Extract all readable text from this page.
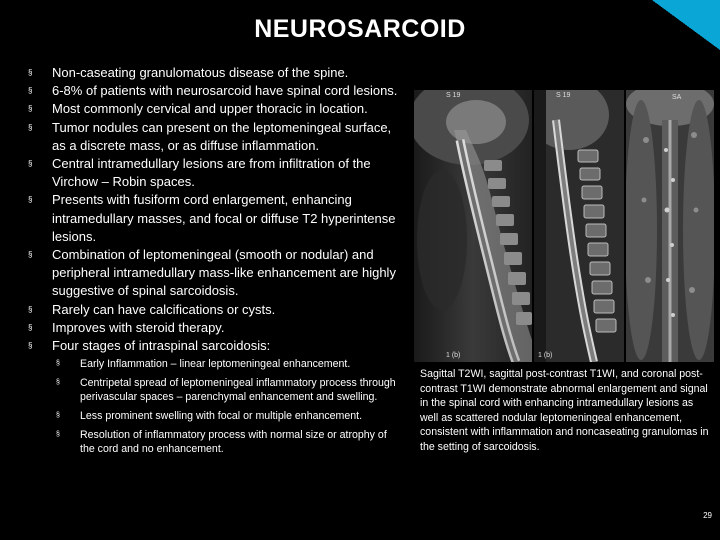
NEUROSARCOID
§	Non-caseating granulomatous disease of the spine.
§	6-8% of patients with neurosarcoid have spinal cord lesions.
§	Most commonly cervical and upper thoracic in location.
§	Tumor nodules can present on the leptomeningeal surface, as a discrete mass, or as diffuse inflammation.
§	Central intramedullary lesions are from infiltration of the Virchow – Robin spaces.
§	Presents with fusiform cord enlargement, enhancing intramedullary masses, and focal or diffuse T2 hyperintense lesions.
§	Combination of leptomeningeal (smooth or nodular) and peripheral intramedullary mass-like enhancement are highly suggestive of spinal sarcoidosis.
§	Rarely can have calcifications or cysts.
§	Improves with steroid therapy.
§	Four stages of intraspinal sarcoidosis:
§	Early Inflammation – linear leptomeningeal enhancement.
§	Centripetal spread of leptomeningeal inflammatory process through perivascular spaces – parenchymal enhancement and swelling.
§	Less prominent swelling with focal or multiple enhancement.
§	Resolution of inflammatory process with normal size or atrophy of the cord and no enhancement.
S 19
1 (b)
S 19
1 (b)
SA
Sagittal T2WI, sagittal post-contrast T1WI, and coronal post-contrast T1WI demonstrate abnormal enlargement and signal in the spinal cord with enhancing intramedullary lesions as well as scattered nodular leptomeningeal enhancement, consistent with inflammation and noncaseating granulomas in the setting of sarcoidosis.
29
